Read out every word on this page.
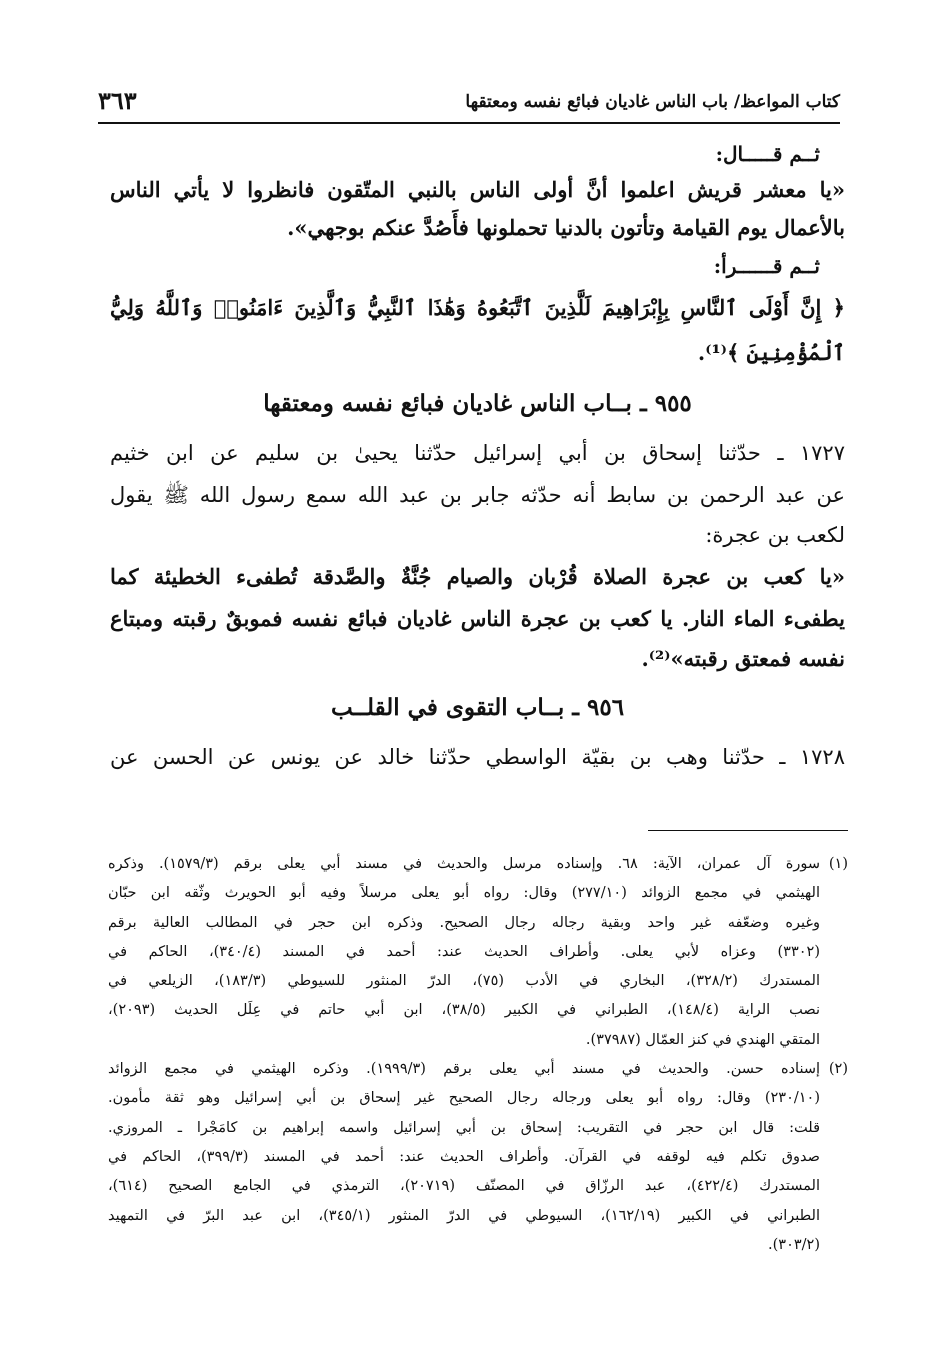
كتاب المواعظ/ باب الناس غاديان فبائع نفسه ومعتقها
٣٦٣
ثــم قـــــال:
«يا معشر قريش اعلموا أنَّ أولى الناس بالنبي المتّقون فانظروا لا يأتي الناس
بالأعمال يوم القيامة وتأتون بالدنيا تحملونها فأَصُدَّ عنكم بوجهي».
ثــم قــــــرأ:
﴿ إِنَّ أَوْلَى ٱلنَّاسِ بِإِبْرَاهِيمَ لَلَّذِينَ ٱتَّبَعُوهُ وَهَٰذَا ٱلنَّبِيُّ وَٱلَّذِينَ ءَامَنُوا۟ وَٱللَّهُ وَلِيُّ
ٱلْمُؤْمِنِينَ ﴾⁽¹⁾.
٩٥٥ ـ بــاب الناس غاديان فبائع نفسه ومعتقها
١٧٢٧ ـ حدّثنا إسحاق بن أبي إسرائيل حدّثنا يحيىٰ بن سليم عن ابن خثيم
عن عبد الرحمن بن سابط أنه حدّثه جابر بن عبد الله سمع رسول الله ﷺ يقول
لكعب بن عجرة:
«يا كعب بن عجرة الصلاة قُرْبان والصيام جُنَّةٌ والصَّدقة تُطفىء الخطيئة كما
يطفىء الماء النار. يا كعب بن عجرة الناس غاديان فبائع نفسه فموبقٌ رقبته ومبتاع
نفسه فمعتق رقبته»⁽²⁾.
٩٥٦ ـ بــاب التقوى في القلــب
١٧٢٨ ـ حدّثنا وهب بن بقيّة الواسطي حدّثنا خالد عن يونس عن الحسن عن
(١)
سورة آل عمران، الآية: ٦٨. وإسناده مرسل والحديث في مسند أبي يعلى برقم (١٥٧٩/٣). وذكره
الهيثمي في مجمع الزوائد (٢٧٧/١٠) وقال: رواه أبو يعلى مرسلاً وفيه أبو الحويرث وثّقه ابن حبّان
وغيره وضعّفه غير واحد وبقية رجاله رجال الصحيح. وذكره ابن حجر في المطالب العالية برقم
(٣٣٠٢) وعزاه لأبي يعلى. وأطراف الحديث عند: أحمد في المسند (٣٤٠/٤)، الحاكم في
المستدرك (٣٢٨/٢)، البخاري في الأدب (٧٥)، الدرّ المنثور للسيوطي (١٨٣/٣)، الزيلعي في
نصب الراية (١٤٨/٤)، الطبراني في الكبير (٣٨/٥)، ابن أبي حاتم في عِلَل الحديث (٢٠٩٣)،
المتقي الهندي في كنز العمّال (٣٧٩٨٧).
(٢)
إسناده حسن. والحديث في مسند أبي يعلى برقم (١٩٩٩/٣). وذكره الهيثمي في مجمع الزوائد
(٢٣٠/١٠) وقال: رواه أبو يعلى ورجاله رجال الصحيح غير إسحاق بن أبي إسرائيل وهو ثقة مأمون.
قلت: قال ابن حجر في التقريب: إسحاق بن أبي إسرائيل واسمه إبراهيم بن كامَجْرا ـ المروزي.
صدوق تكلم فيه لوقفه في القرآن. وأطراف الحديث عند: أحمد في المسند (٣٩٩/٣)، الحاكم في
المستدرك (٤٢٢/٤)، عبد الرزّاق في المصنّف (٢٠٧١٩)، الترمذي في الجامع الصحيح (٦١٤)،
الطبراني في الكبير (١٦٢/١٩)، السيوطي في الدرّ المنثور (٣٤٥/١)، ابن عبد البرّ في التمهيد
(٣٠٣/٢).
